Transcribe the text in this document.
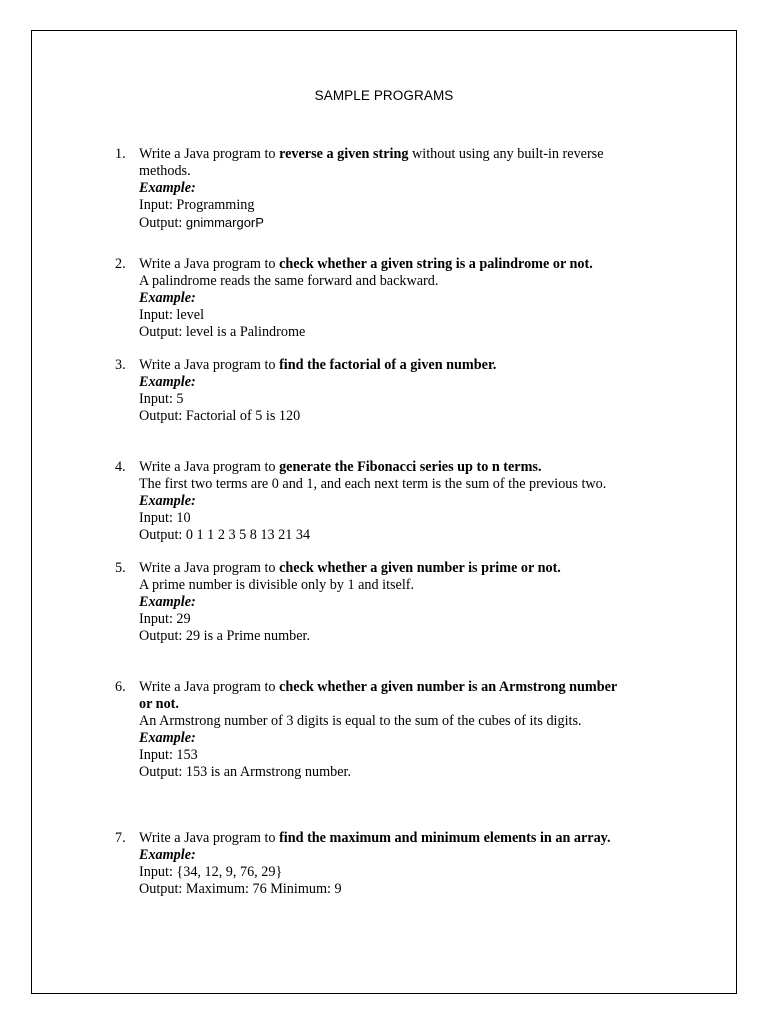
SAMPLE PROGRAMS
1. Write a Java program to reverse a given string without using any built-in reverse
methods.
Example:
Input: Programming
Output: gnimmargorP
2. Write a Java program to check whether a given string is a palindrome or not.
A palindrome reads the same forward and backward.
Example:
Input: level
Output: level is a Palindrome
3. Write a Java program to find the factorial of a given number.
Example:
Input: 5
Output: Factorial of 5 is 120
4. Write a Java program to generate the Fibonacci series up to n terms.
The first two terms are 0 and 1, and each next term is the sum of the previous two.
Example:
Input: 10
Output: 0 1 1 2 3 5 8 13 21 34
5. Write a Java program to check whether a given number is prime or not.
A prime number is divisible only by 1 and itself.
Example:
Input: 29
Output: 29 is a Prime number.
6. Write a Java program to check whether a given number is an Armstrong number
or not.
An Armstrong number of 3 digits is equal to the sum of the cubes of its digits.
Example:
Input: 153
Output: 153 is an Armstrong number.
7. Write a Java program to find the maximum and minimum elements in an array.
Example:
Input: {34, 12, 9, 76, 29}
Output: Maximum: 76 Minimum: 9
